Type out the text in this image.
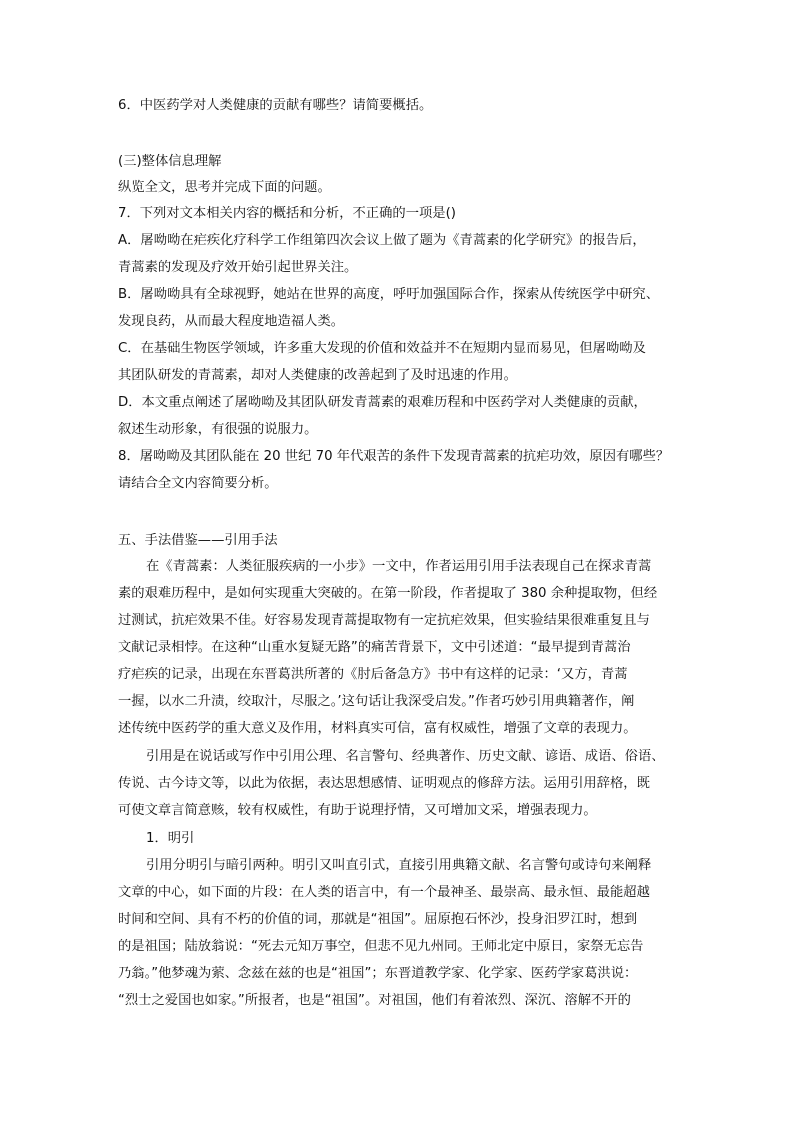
6．中医药学对人类健康的贡献有哪些？请简要概括。
(三)整体信息理解
纵览全文，思考并完成下面的问题。
7．下列对文本相关内容的概括和分析，不正确的一项是()
A．屠呦呦在疟疾化疗科学工作组第四次会议上做了题为《青蒿素的化学研究》的报告后，
青蒿素的发现及疗效开始引起世界关注。
B．屠呦呦具有全球视野，她站在世界的高度，呼吁加强国际合作，探索从传统医学中研究、
发现良药，从而最大程度地造福人类。
C．在基础生物医学领域，许多重大发现的价值和效益并不在短期内显而易见，但屠呦呦及
其团队研发的青蒿素，却对人类健康的改善起到了及时迅速的作用。
D．本文重点阐述了屠呦呦及其团队研发青蒿素的艰难历程和中医药学对人类健康的贡献，
叙述生动形象，有很强的说服力。
8．屠呦呦及其团队能在 20 世纪 70 年代艰苦的条件下发现青蒿素的抗疟功效，原因有哪些？
请结合全文内容简要分析。
五、手法借鉴——引用手法
在《青蒿素：人类征服疾病的一小步》一文中，作者运用引用手法表现自己在探求青蒿
素的艰难历程中，是如何实现重大突破的。在第一阶段，作者提取了 380 余种提取物，但经
过测试，抗疟效果不佳。好容易发现青蒿提取物有一定抗疟效果，但实验结果很难重复且与
文献记录相悖。在这种“山重水复疑无路”的痛苦背景下，文中引述道：“最早提到青蒿治
疗疟疾的记录，出现在东晋葛洪所著的《肘后备急方》书中有这样的记录：‘又方，青蒿
一握，以水二升渍，绞取汁，尽服之。’这句话让我深受启发。”作者巧妙引用典籍著作，阐
述传统中医药学的重大意义及作用，材料真实可信，富有权威性，增强了文章的表现力。
引用是在说话或写作中引用公理、名言警句、经典著作、历史文献、谚语、成语、俗语、
传说、古今诗文等，以此为依据，表达思想感情、证明观点的修辞方法。运用引用辞格，既
可使文章言简意赅，较有权威性，有助于说理抒情，又可增加文采，增强表现力。
1．明引
引用分明引与暗引两种。明引又叫直引式，直接引用典籍文献、名言警句或诗句来阐释
文章的中心，如下面的片段：在人类的语言中，有一个最神圣、最崇高、最永恒、最能超越
时间和空间、具有不朽的价值的词，那就是“祖国”。屈原抱石怀沙，投身汨罗江时，想到
的是祖国；陆放翁说：“死去元知万事空，但悲不见九州同。王师北定中原日，家祭无忘告
乃翁。”他梦魂为萦、念兹在兹的也是“祖国”；东晋道教学家、化学家、医药学家葛洪说：
“烈士之爱国也如家。”所报者，也是“祖国”。对祖国，他们有着浓烈、深沉、溶解不开的
